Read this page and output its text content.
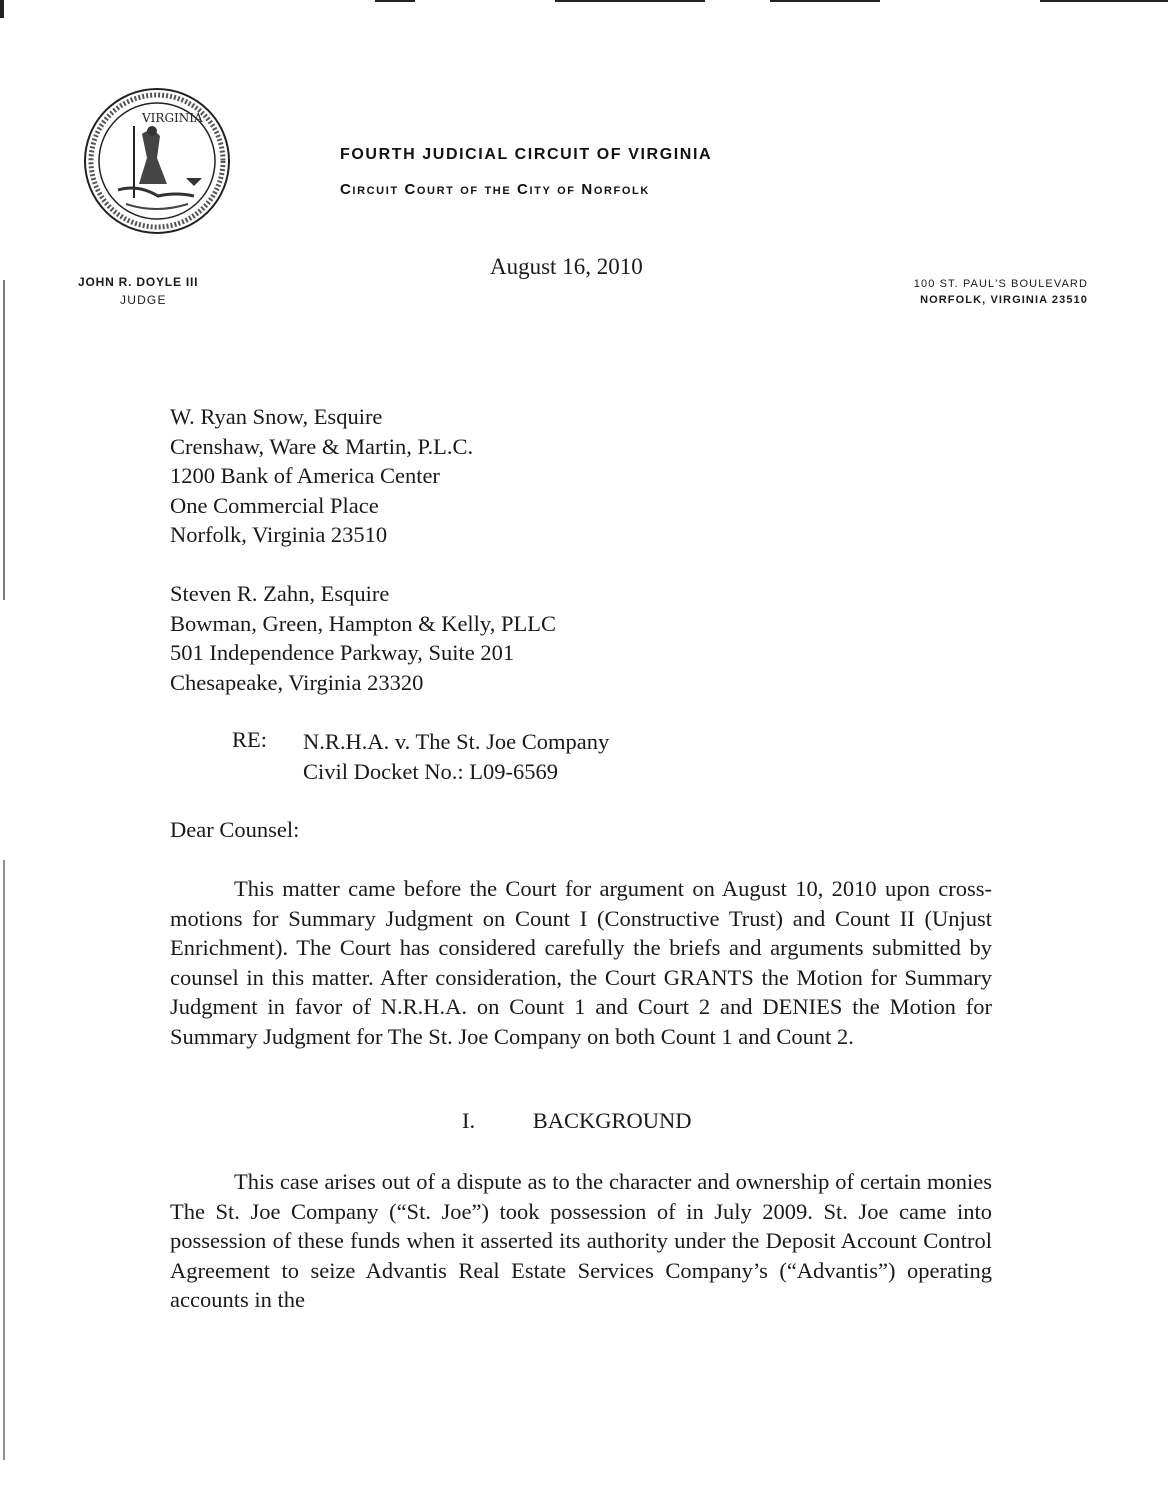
VIRGINIA
FOURTH JUDICIAL CIRCUIT OF VIRGINIA
Circuit Court of the City of Norfolk
JOHN R. DOYLE III
JUDGE
August 16, 2010
100 ST. PAUL'S BOULEVARD
NORFOLK, VIRGINIA 23510
W. Ryan Snow, Esquire
Crenshaw, Ware & Martin, P.L.C.
1200 Bank of America Center
One Commercial Place
Norfolk, Virginia 23510
Steven R. Zahn, Esquire
Bowman, Green, Hampton & Kelly, PLLC
501 Independence Parkway, Suite 201
Chesapeake, Virginia 23320
RE: N.R.H.A. v. The St. Joe Company
Civil Docket No.: L09-6569
Dear Counsel:
This matter came before the Court for argument on August 10, 2010 upon cross-motions for Summary Judgment on Count I (Constructive Trust) and Count II (Unjust Enrichment). The Court has considered carefully the briefs and arguments submitted by counsel in this matter. After consideration, the Court GRANTS the Motion for Summary Judgment in favor of N.R.H.A. on Count 1 and Court 2 and DENIES the Motion for Summary Judgment for The St. Joe Company on both Count 1 and Count 2.
I.	BACKGROUND
This case arises out of a dispute as to the character and ownership of certain monies The St. Joe Company (“St. Joe”) took possession of in July 2009. St. Joe came into possession of these funds when it asserted its authority under the Deposit Account Control Agreement to seize Advantis Real Estate Services Company’s (“Advantis”) operating accounts in the
